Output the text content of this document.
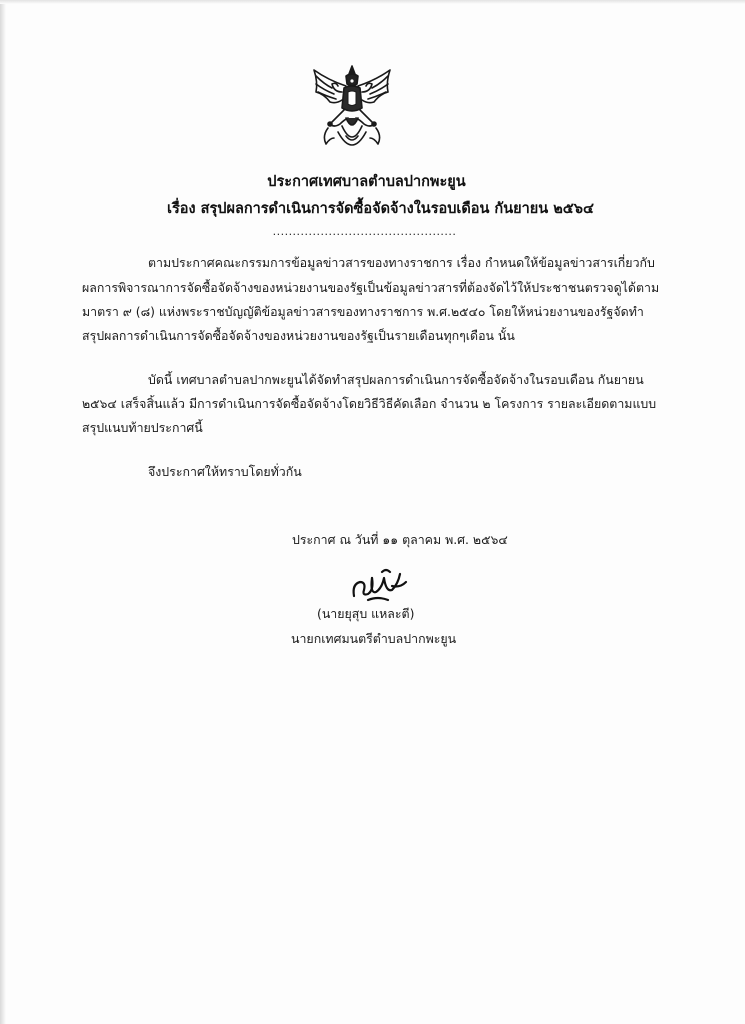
ประกาศเทศบาลตำบลปากพะยูน
เรื่อง สรุปผลการดำเนินการจัดซื้อจัดจ้างในรอบเดือน กันยายน ๒๕๖๔
..............................................
ตามประกาศคณะกรรมการข้อมูลข่าวสารของทางราชการ เรื่อง กำหนดให้ข้อมูลข่าวสารเกี่ยวกับ
ผลการพิจารณาการจัดซื้อจัดจ้างของหน่วยงานของรัฐเป็นข้อมูลข่าวสารที่ต้องจัดไว้ให้ประชาชนตรวจดูได้ตาม
มาตรา ๙ (๘) แห่งพระราชบัญญัติข้อมูลข่าวสารของทางราชการ พ.ศ.๒๕๔๐ โดยให้หน่วยงานของรัฐจัดทำ
สรุปผลการดำเนินการจัดซื้อจัดจ้างของหน่วยงานของรัฐเป็นรายเดือนทุกๆเดือน นั้น
บัดนี้ เทศบาลตำบลปากพะยูนได้จัดทำสรุปผลการดำเนินการจัดซื้อจัดจ้างในรอบเดือน กันยายน
๒๕๖๔ เสร็จสิ้นแล้ว มีการดำเนินการจัดซื้อจัดจ้างโดยวิธีวิธีคัดเลือก จำนวน ๒ โครงการ รายละเอียดตามแบบ
สรุปแนบท้ายประกาศนี้
จึงประกาศให้ทราบโดยทั่วกัน
ประกาศ ณ วันที่ ๑๑ ตุลาคม พ.ศ. ๒๕๖๔
(นายยุสุบ แหละตี)
นายกเทศมนตรีตำบลปากพะยูน
